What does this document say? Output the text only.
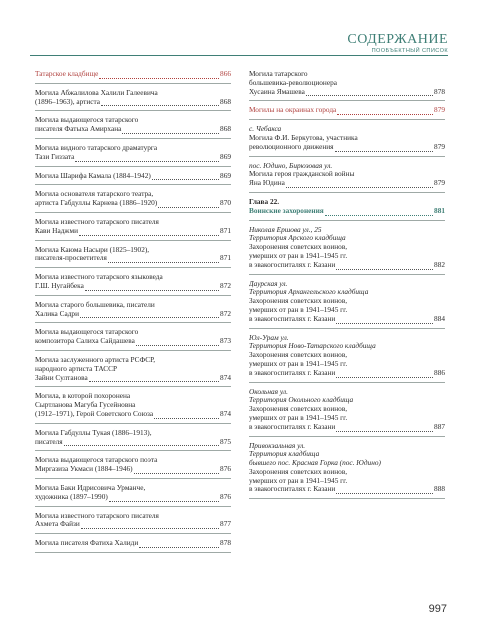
СОДЕРЖАНИЕ
ПООБЪЕКТНЫЙ СПИСОК
Татарское кладбище	866
Могила Абжалилова Халили Галеевича
(1896–1963), артиста	868
Могила выдающегося татарского
писателя Фатыха Амирхана	868
Могила видного татарского драматурга
Тази Гиззата	869
Могила Шарифа Камала (1884–1942)	869
Могила основателя татарского театра,
артиста Габдуллы Карнева (1886–1920)	870
Могила известного татарского писателя
Кави Наджми	871
Могила Каюма Насыри (1825–1902),
писателя-просветителя	871
Могила известного татарского языковеда
Г.Ш. Нугайбека	872
Могила старого большевика, писатели
Халика Садри	872
Могила выдающегося татарского
композитора Салиха Сайдашева	873
Могила заслуженного артиста РСФСР,
народного артиста ТАССР
Зайни Султанова	874
Могила, в которой похоронена
Сыртланова Магуба Гусейновна
(1912–1971), Герой Советского Союза	874
Могила Габдуллы Тукая (1886–1913),
писателя	875
Могила выдающегося татарского поэта
Миргазиза Укмаси (1884–1946)	876
Могила Баки Идрисовича Урманче,
художника (1897–1990)	876
Могила известного татарского писателя
Ахмета Файзи	877
Могила писателя Фатиха Халиди	878
Могила татарского
большевика-революционера
Хусаина Ямашева	878
Могилы на окраинах города	879
с. Чебакса
Могила Ф.И. Беркутова, участника
революционного движения	879
пос. Юдино, Бирюзовая ул.
Могила героя гражданской войны
Яна Юдина	879
Глава 22.
Воинские захоронения	881
Николая Ершова ул., 25
Территория Арского кладбища
Захоронения советских воинов,
умерших от ран в 1941–1945 гг.
в эвакогоспиталях г. Казани	882
Даурская ул.
Территория Архангельского кладбища
Захоронения советских воинов,
умерших от ран в 1941–1945 гг.
в эвакогоспиталях г. Казани	884
Юл-Урам ул.
Территория Ново-Татарского кладбища
Захоронения советских воинов,
умерших от ран в 1941–1945 гг.
в эвакогоспиталях г. Казани	886
Окольная ул.
Территория Окольного кладбища
Захоронения советских воинов,
умерших от ран в 1941–1945 гг.
в эвакогоспиталях г. Казани	887
Привокзальная ул.
Территория кладбища
бывшего пос. Красная Горка (пос. Юдино)
Захоронения советских воинов,
умерших от ран в 1941–1945 гг.
в эвакогоспиталях г. Казани	888
997
